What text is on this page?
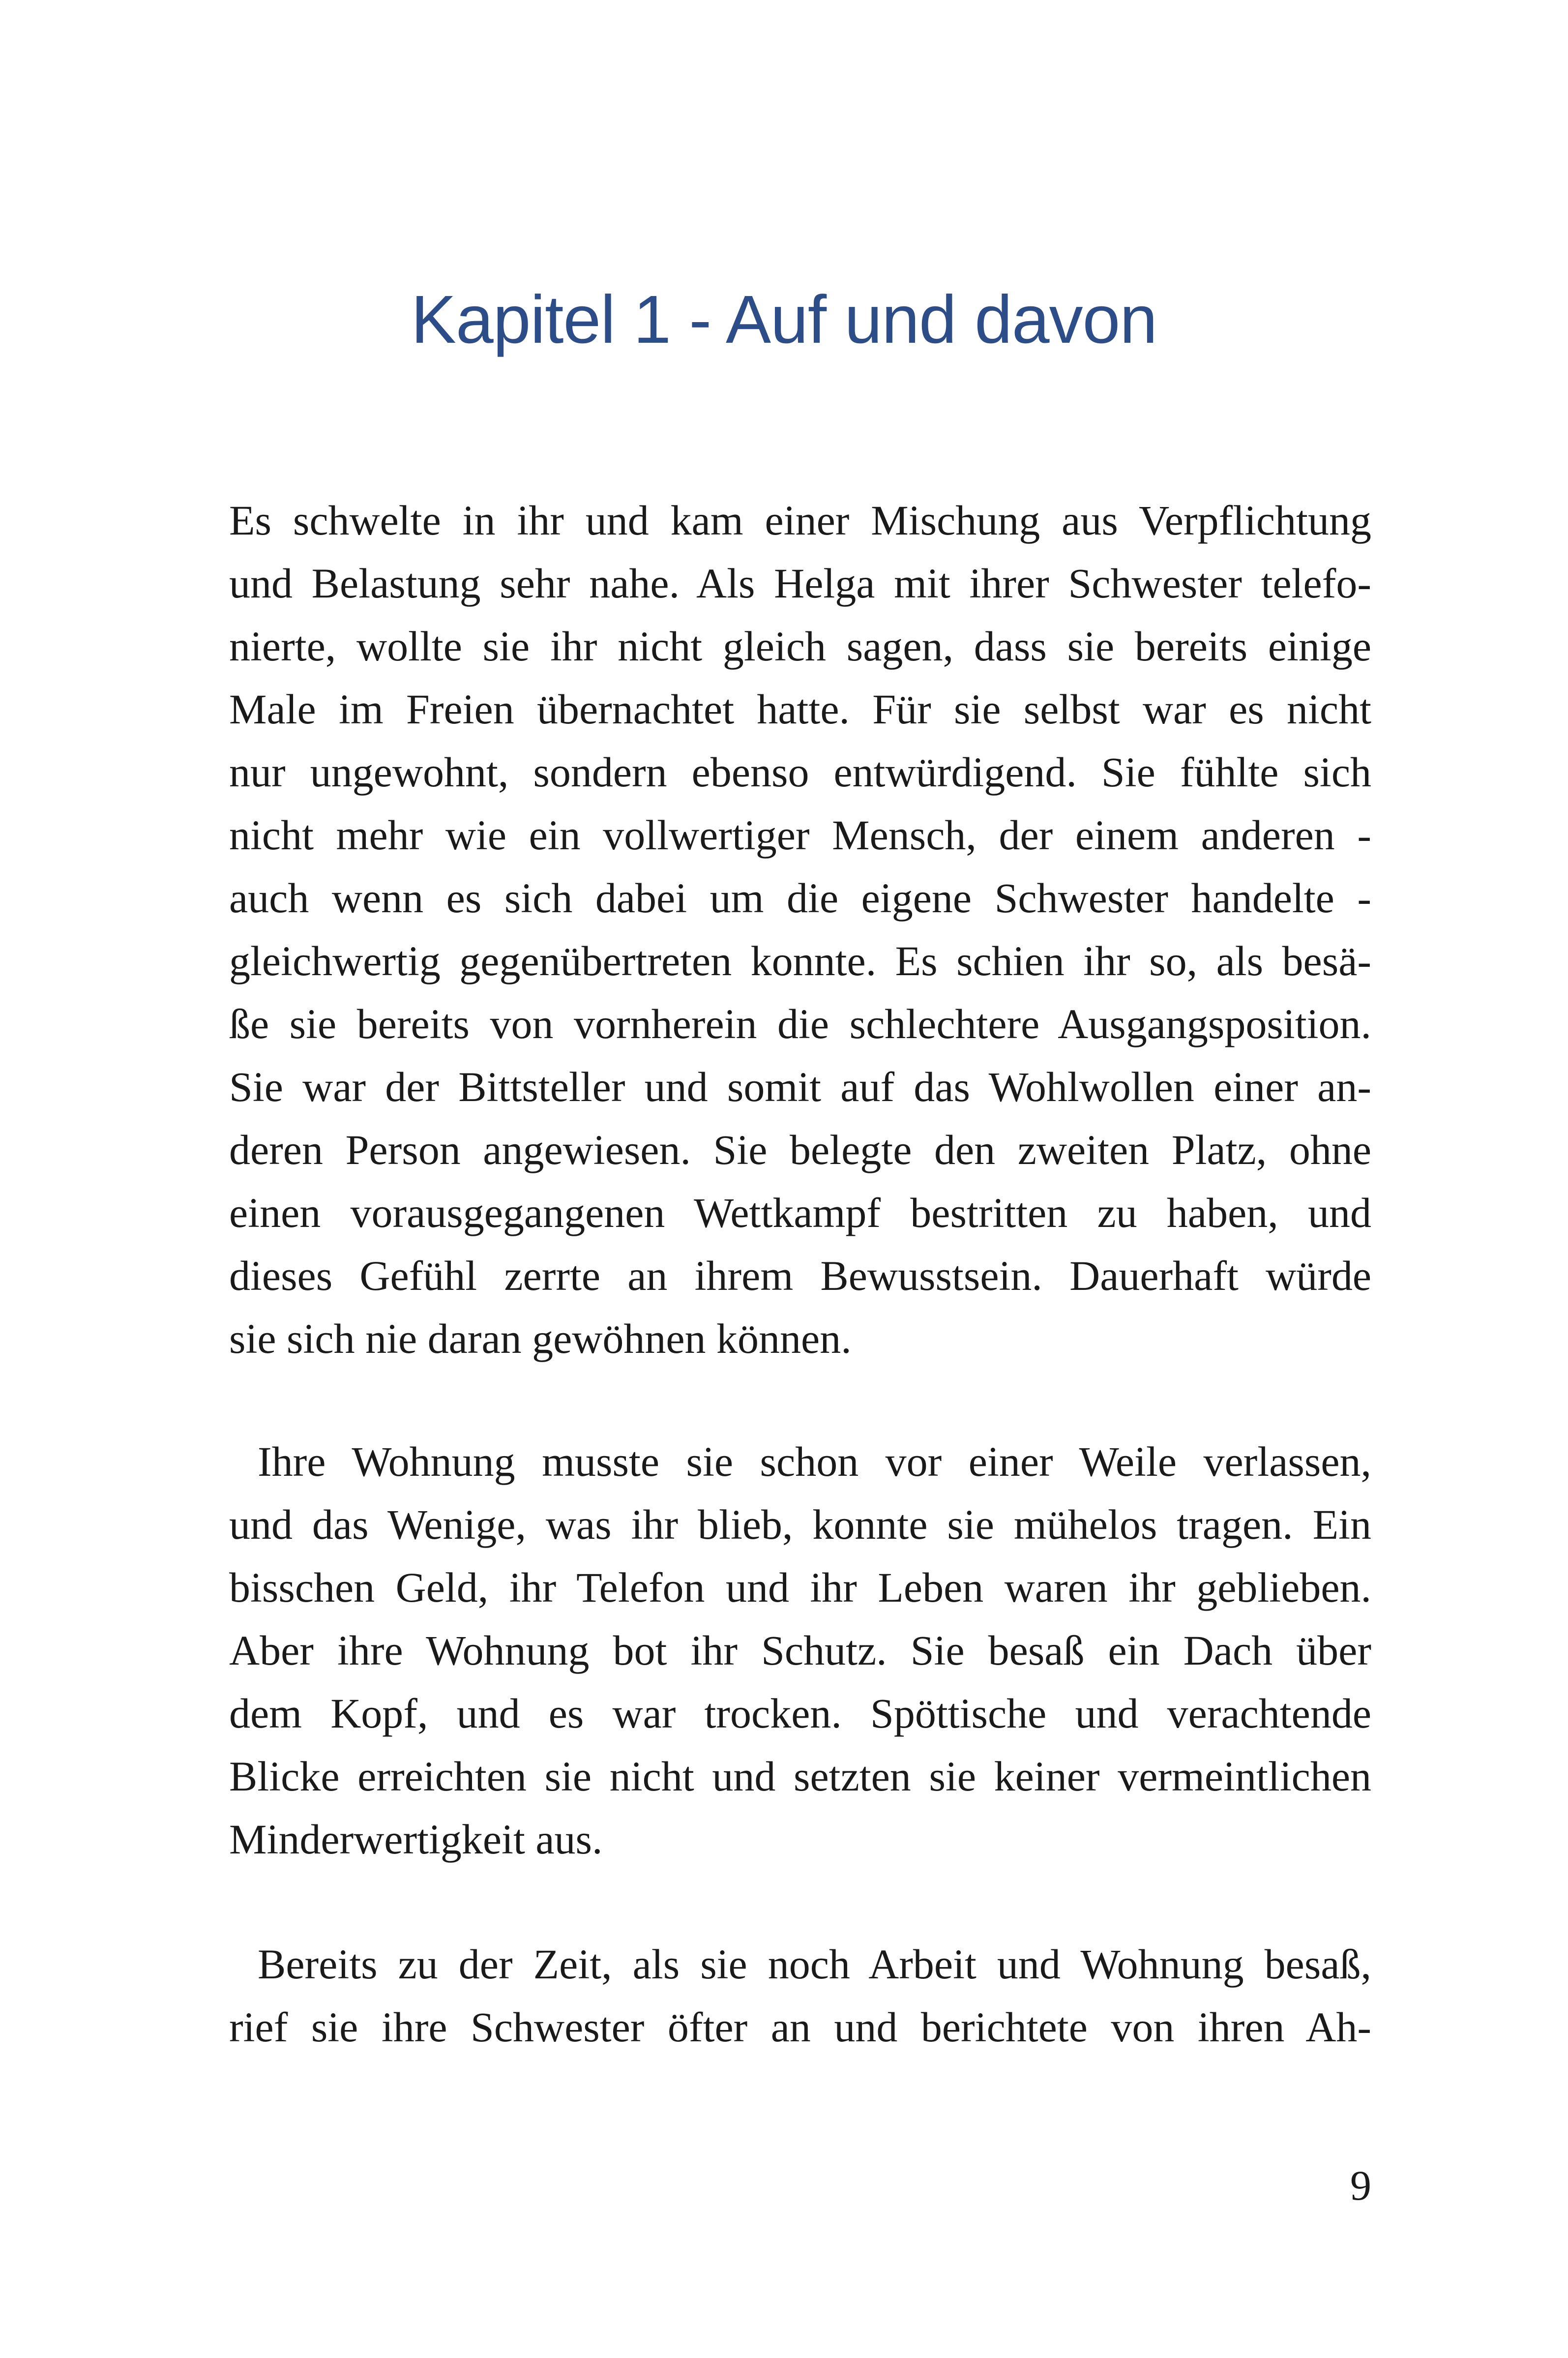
Kapitel 1 - Auf und davon
Es schwelte in ihr und kam einer Mischung aus Verpflichtung
und Belastung sehr nahe. Als Helga mit ihrer Schwester telefo-
nierte, wollte sie ihr nicht gleich sagen, dass sie bereits einige
Male im Freien übernachtet hatte. Für sie selbst war es nicht
nur ungewohnt, sondern ebenso entwürdigend. Sie fühlte sich
nicht mehr wie ein vollwertiger Mensch, der einem anderen -
auch wenn es sich dabei um die eigene Schwester handelte -
gleichwertig gegenübertreten konnte. Es schien ihr so, als besä-
ße sie bereits von vornherein die schlechtere Ausgangsposition.
Sie war der Bittsteller und somit auf das Wohlwollen einer an-
deren Person angewiesen. Sie belegte den zweiten Platz, ohne
einen vorausgegangenen Wettkampf bestritten zu haben, und
dieses Gefühl zerrte an ihrem Bewusstsein. Dauerhaft würde
sie sich nie daran gewöhnen können.
Ihre Wohnung musste sie schon vor einer Weile verlassen,
und das Wenige, was ihr blieb, konnte sie mühelos tragen. Ein
bisschen Geld, ihr Telefon und ihr Leben waren ihr geblieben.
Aber ihre Wohnung bot ihr Schutz. Sie besaß ein Dach über
dem Kopf, und es war trocken. Spöttische und verachtende
Blicke erreichten sie nicht und setzten sie keiner vermeintlichen
Minderwertigkeit aus.
Bereits zu der Zeit, als sie noch Arbeit und Wohnung besaß,
rief sie ihre Schwester öfter an und berichtete von ihren Ah-
9
